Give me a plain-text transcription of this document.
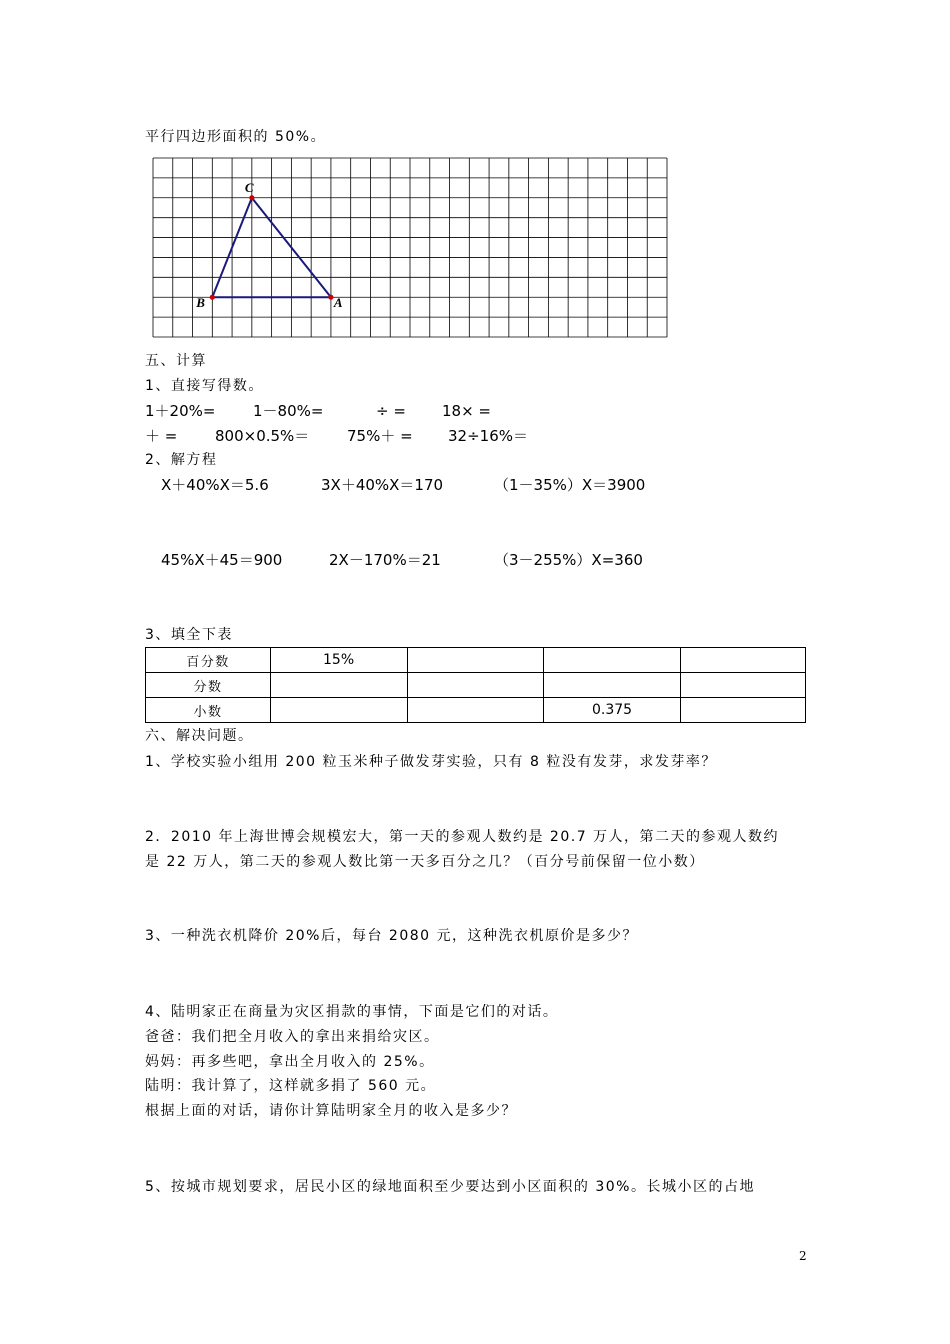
平行四边形面积的 50%。
C
B	A
五、计算
1、直接写得数。
1＋20%=	1－80%=	÷ = 18× =
＋ =	800×0.5%＝	75%＋ = 32÷16%＝
2、解方程
X＋40%X＝5.6	3X＋40%X＝170	（1－35%）X＝3900
45%X＋45＝900	2X－170%＝21	（3－255%）X=360
3、填全下表
百分数	15%			
分数				
小数			0.375	
六、解决问题。
1、学校实验小组用 200 粒玉米种子做发芽实验，只有 8 粒没有发芽，求发芽率？
2．2010 年上海世博会规模宏大，第一天的参观人数约是 20.7 万人，第二天的参观人数约
是 22 万人，第二天的参观人数比第一天多百分之几？（百分号前保留一位小数）
3、一种洗衣机降价 20%后，每台 2080 元，这种洗衣机原价是多少？
4、陆明家正在商量为灾区捐款的事情，下面是它们的对话。
爸爸：我们把全月收入的拿出来捐给灾区。
妈妈：再多些吧，拿出全月收入的 25%。
陆明：我计算了，这样就多捐了 560 元。
根据上面的对话，请你计算陆明家全月的收入是多少？
5、按城市规划要求，居民小区的绿地面积至少要达到小区面积的 30%。长城小区的占地
2
